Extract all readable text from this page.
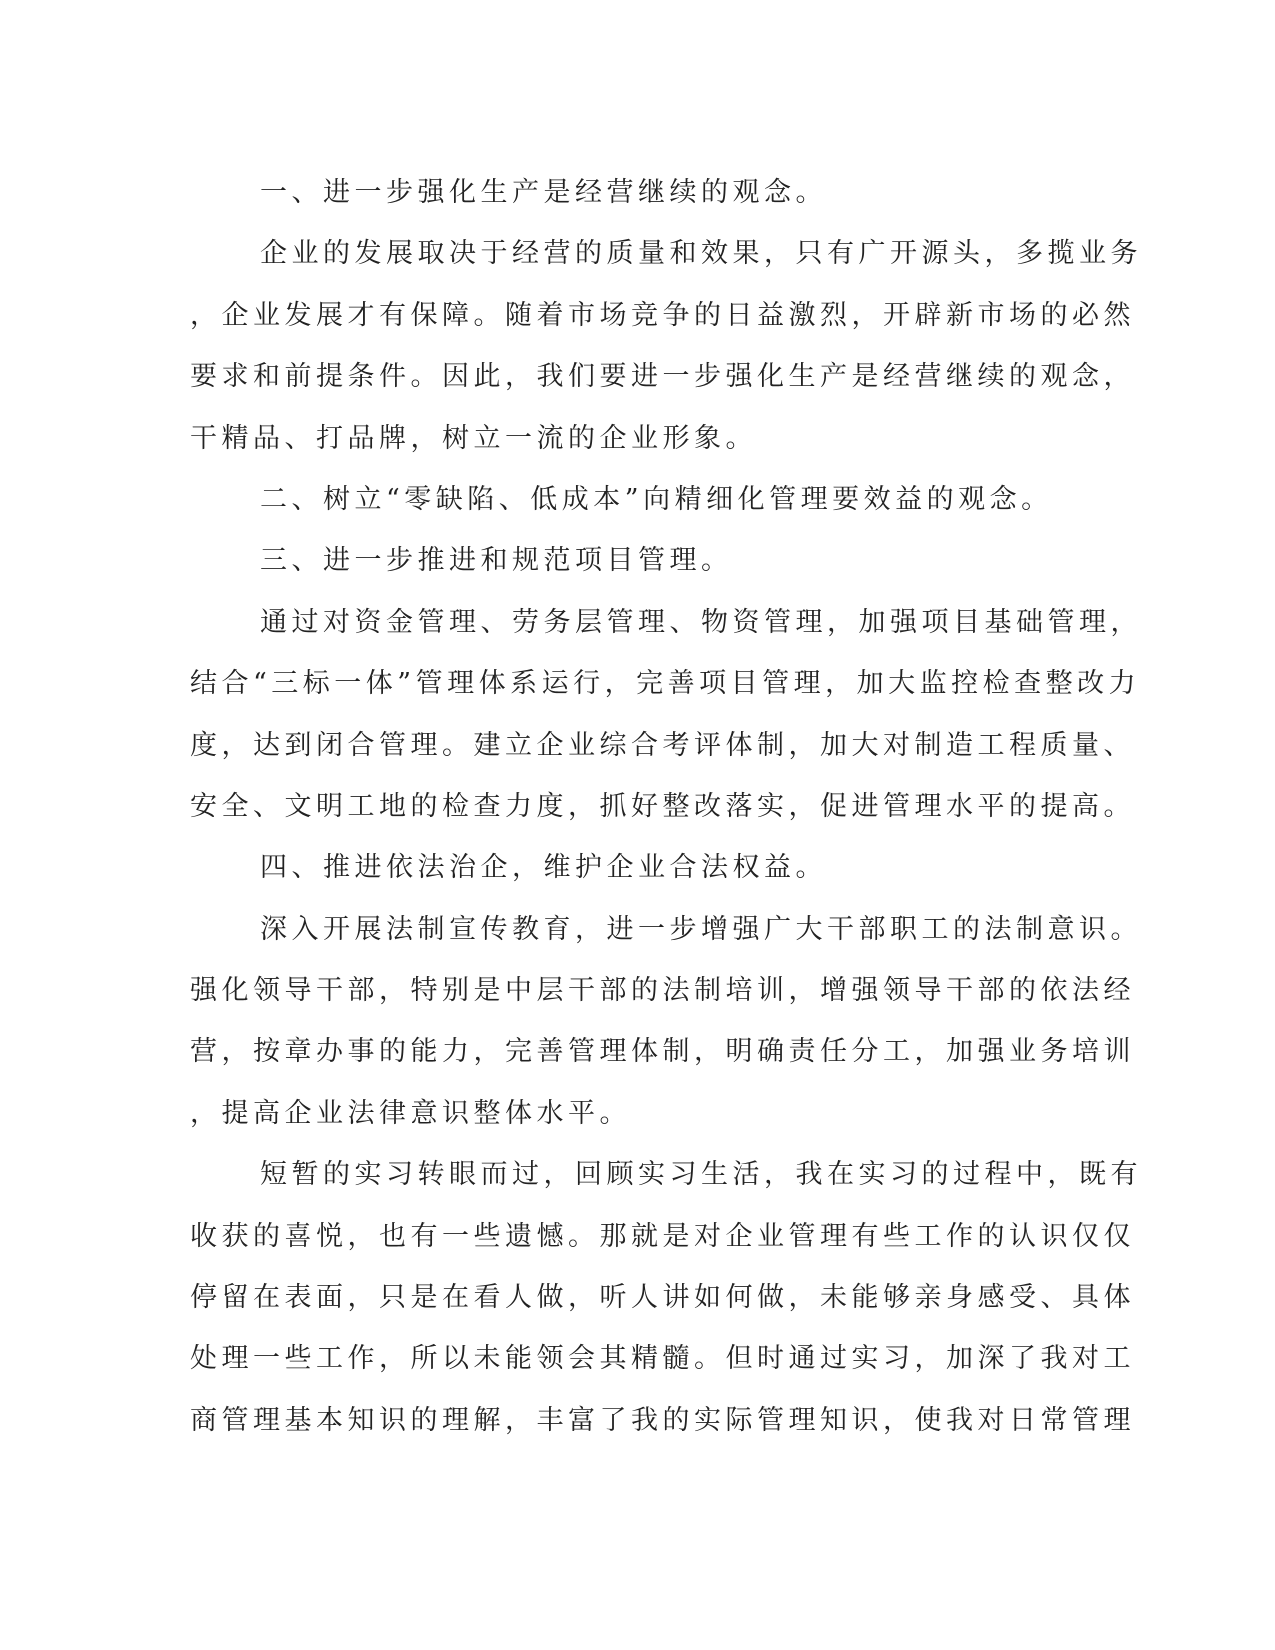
一、进一步强化生产是经营继续的观念。
企业的发展取决于经营的质量和效果，只有广开源头，多揽业务
，企业发展才有保障。随着市场竞争的日益激烈，开辟新市场的必然
要求和前提条件。因此，我们要进一步强化生产是经营继续的观念，
干精品、打品牌，树立一流的企业形象。
二、树立“零缺陷、低成本”向精细化管理要效益的观念。
三、进一步推进和规范项目管理。
通过对资金管理、劳务层管理、物资管理，加强项目基础管理，
结合“三标一体”管理体系运行，完善项目管理，加大监控检查整改力
度，达到闭合管理。建立企业综合考评体制，加大对制造工程质量、
安全、文明工地的检查力度，抓好整改落实，促进管理水平的提高。
四、推进依法治企，维护企业合法权益。
深入开展法制宣传教育，进一步增强广大干部职工的法制意识。
强化领导干部，特别是中层干部的法制培训，增强领导干部的依法经
营，按章办事的能力，完善管理体制，明确责任分工，加强业务培训
，提高企业法律意识整体水平。
短暂的实习转眼而过，回顾实习生活，我在实习的过程中，既有
收获的喜悦，也有一些遗憾。那就是对企业管理有些工作的认识仅仅
停留在表面，只是在看人做，听人讲如何做，未能够亲身感受、具体
处理一些工作，所以未能领会其精髓。但时通过实习，加深了我对工
商管理基本知识的理解，丰富了我的实际管理知识，使我对日常管理
